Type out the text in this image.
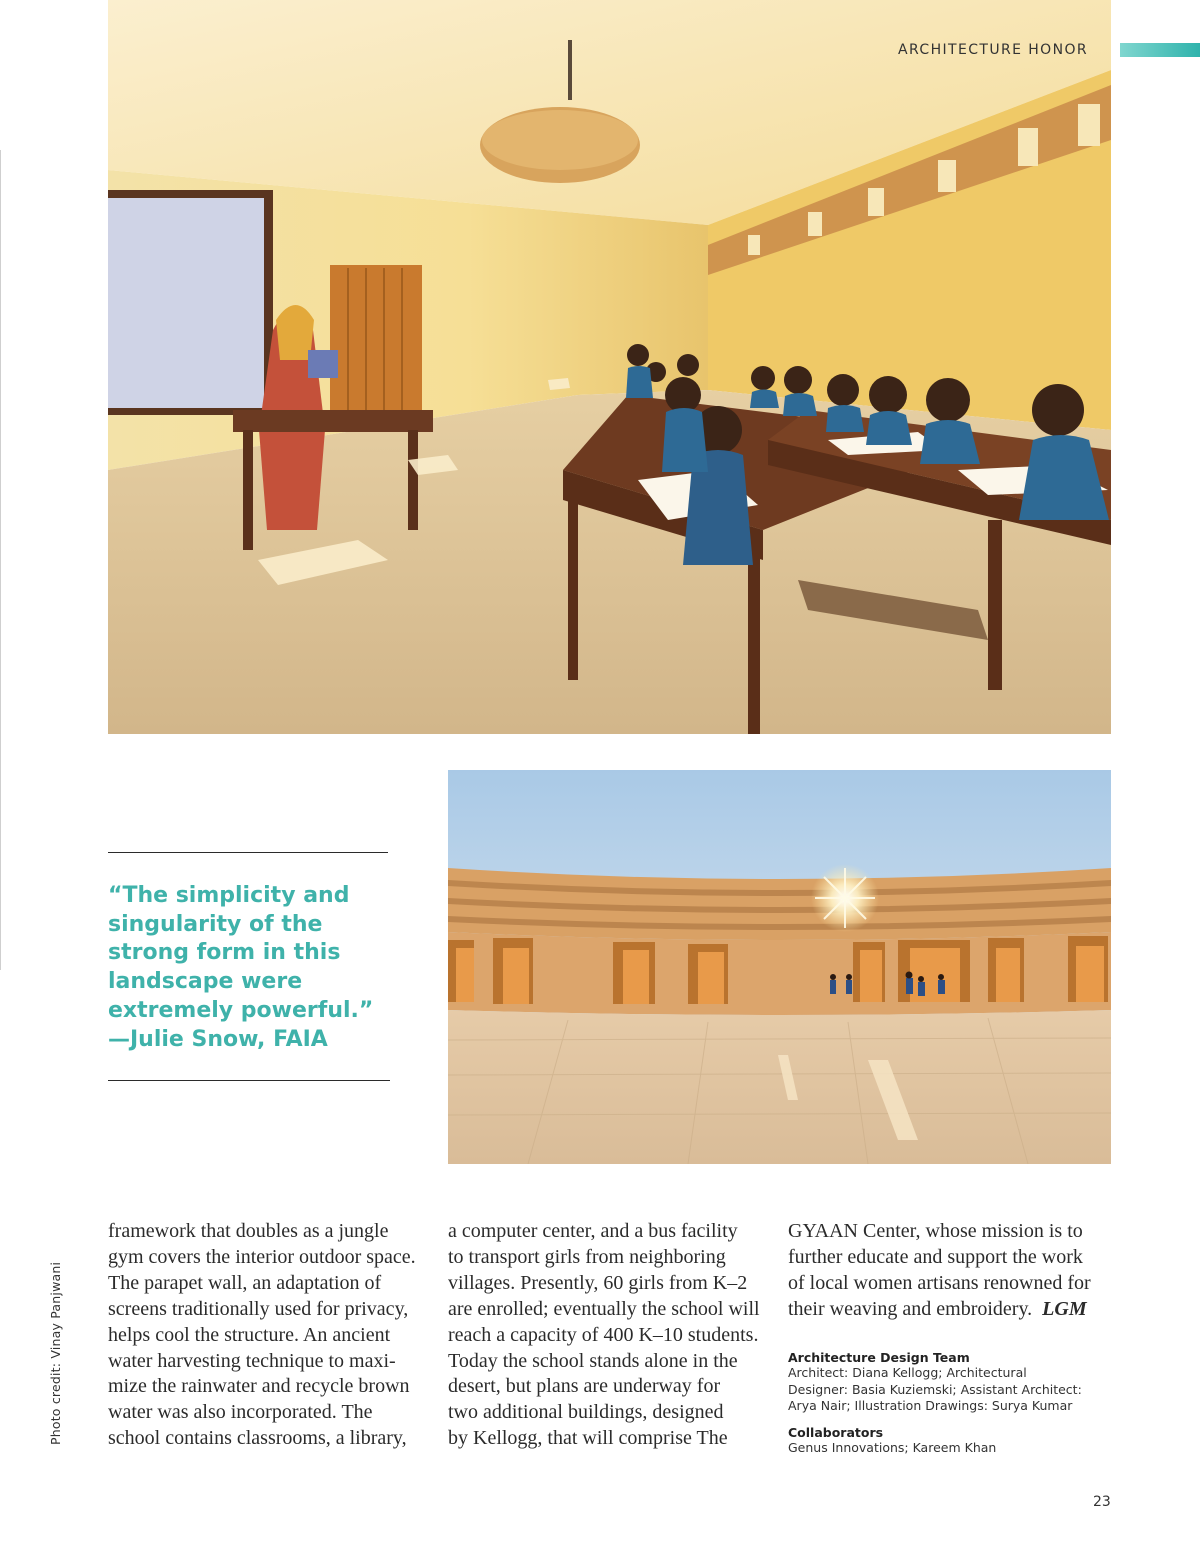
ARCHITECTURE HONOR
“The simplicity and singularity of the strong form in this landscape were extremely powerful.”
—Julie Snow, FAIA
Photo credit: Vinay Panjwani
framework that doubles as a jungle
gym covers the interior outdoor space.
The parapet wall, an adaptation of
screens traditionally used for privacy,
helps cool the structure. An ancient
water harvesting technique to maxi-
mize the rainwater and recycle brown
water was also incorporated. The
school contains classrooms, a library,
a computer center, and a bus facility
to transport girls from neighboring
villages. Presently, 60 girls from K–2
are enrolled; eventually the school will
reach a capacity of 400 K–10 students.
Today the school stands alone in the
desert, but plans are underway for
two additional buildings, designed
by Kellogg, that will comprise The
GYAAN Center, whose mission is to
further educate and support the work
of local women artisans renowned for
their weaving and embroidery. LGM
Architecture Design Team
Architect: Diana Kellogg; Architectural
Designer: Basia Kuziemski; Assistant Architect:
Arya Nair; Illustration Drawings: Surya Kumar
Collaborators
Genus Innovations; Kareem Khan
23
